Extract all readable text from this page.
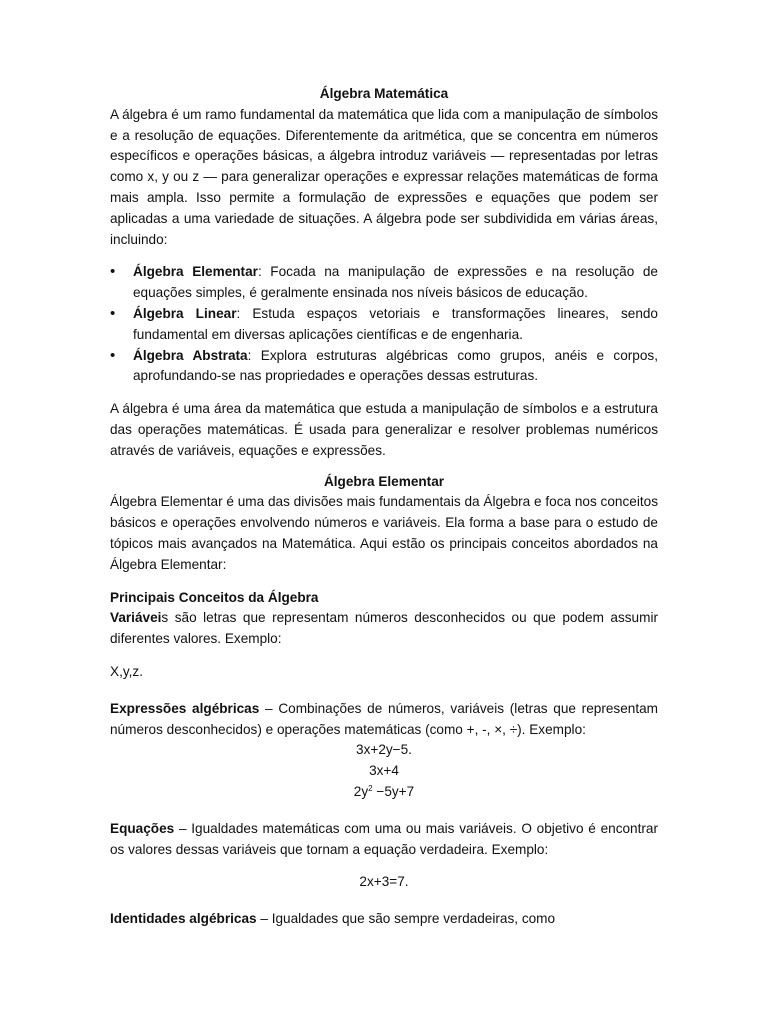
Álgebra Matemática

A álgebra é um ramo fundamental da matemática que lida com a manipulação de símbolos e a resolução de equações. Diferentemente da aritmética, que se concentra em números específicos e operações básicas, a álgebra introduz variáveis — representadas por letras como x, y ou z — para generalizar operações e expressar relações matemáticas de forma mais ampla. Isso permite a formulação de expressões e equações que podem ser aplicadas a uma variedade de situações. A álgebra pode ser subdividida em várias áreas, incluindo:

• Álgebra Elementar: Focada na manipulação de expressões e na resolução de equações simples, é geralmente ensinada nos níveis básicos de educação.
• Álgebra Linear: Estuda espaços vetoriais e transformações lineares, sendo fundamental em diversas aplicações científicas e de engenharia.
• Álgebra Abstrata: Explora estruturas algébricas como grupos, anéis e corpos, aprofundando-se nas propriedades e operações dessas estruturas.

A álgebra é uma área da matemática que estuda a manipulação de símbolos e a estrutura das operações matemáticas. É usada para generalizar e resolver problemas numéricos através de variáveis, equações e expressões.

Álgebra Elementar

Álgebra Elementar é uma das divisões mais fundamentais da Álgebra e foca nos conceitos básicos e operações envolvendo números e variáveis. Ela forma a base para o estudo de tópicos mais avançados na Matemática. Aqui estão os principais conceitos abordados na Álgebra Elementar:

Principais Conceitos da Álgebra

Variáveis são letras que representam números desconhecidos ou que podem assumir diferentes valores. Exemplo:

X,y,z.

Expressões algébricas – Combinações de números, variáveis (letras que representam números desconhecidos) e operações matemáticas (como +, -, ×, ÷). Exemplo:

3x+2y−5.
3x+4
$2y^2 -5y+7$

Equações – Igualdades matemáticas com uma ou mais variáveis. O objetivo é encontrar os valores dessas variáveis que tornam a equação verdadeira. Exemplo:

2x+3=7.

Identidades algébricas – Igualdades que são sempre verdadeiras, como
